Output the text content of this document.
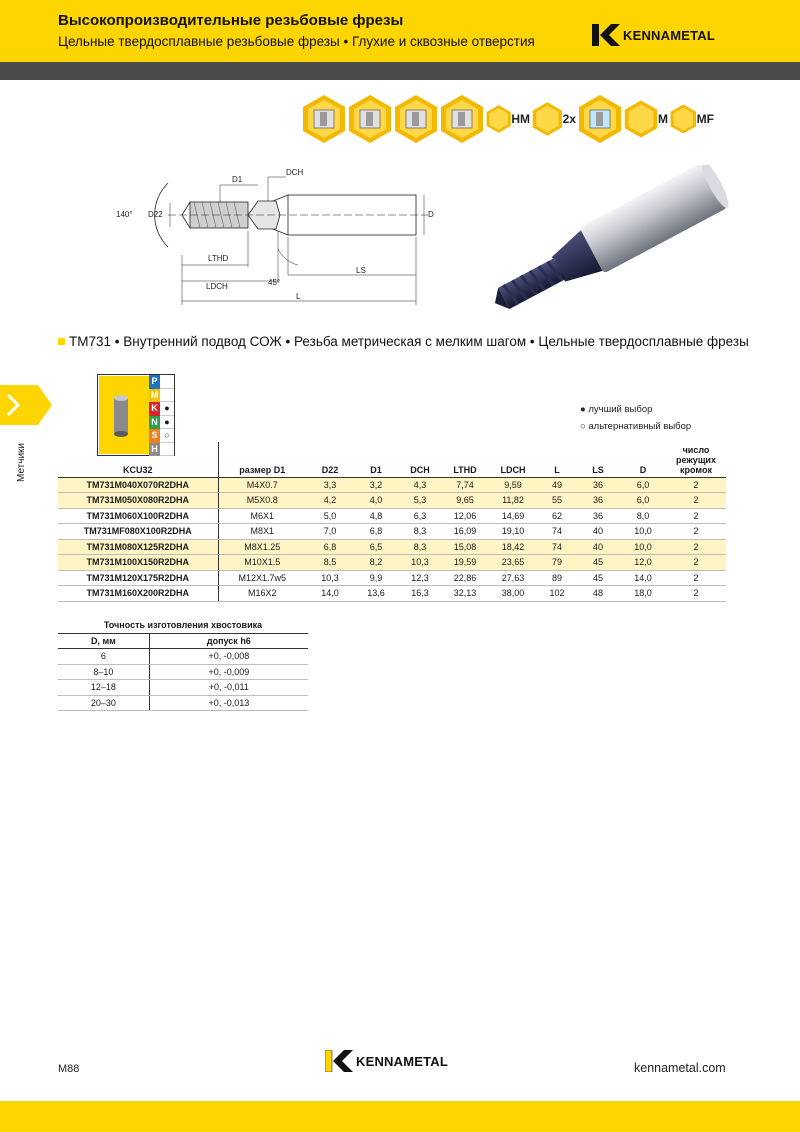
Высокопроизводительные резьбовые фрезы
Цельные твердосплавные резьбовые фрезы • Глухие и сквозные отверстия	KENNAMETAL
HM	2x	M MF
D1
DCH
140° D22	D
LTHD
LDCH	45°
LS
L
TM731 • Внутренний подвод СОЖ • Резьба метрическая с мелким шагом • Цельные твердосплавные фрезы
Метчики
P
M
K ●
N ●
S ○
H
● лучший выбор
○ альтернативный выбор
KCU32	размер D1	D22	D1	DCH	LTHD	LDCH	L	LS	D	число режущих кромок
TM731M040X070R2DHA	M4X0.7	3,3	3,2	4,3	7,74	9,59	49	36	6,0	2
TM731M050X080R2DHA	M5X0.8	4,2	4,0	5,3	9,65	11,82	55	36	6,0	2
TM731M060X100R2DHA	M6X1	5,0	4,8	6,3	12,06	14,69	62	36	8,0	2
TM731MF080X100R2DHA	M8X1	7,0	6,8	8,3	16,09	19,10	74	40	10,0	2
TM731M080X125R2DHA	M8X1.25	6,8	6,5	8,3	15,08	18,42	74	40	10,0	2
TM731M100X150R2DHA	M10X1.5	8,5	8,2	10,3	19,59	23,65	79	45	12,0	2
TM731M120X175R2DHA	M12X1.7w5	10,3	9,9	12,3	22,86	27,63	89	45	14,0	2
TM731M160X200R2DHA	M16X2	14,0	13,6	16,3	32,13	38,00	102	48	18,0	2
Точность изготовления хвостовика
D, мм	допуск h6
6	+0, -0,008
8–10	+0, -0,009
12–18	+0, -0,011
20–30	+0, -0,013
M88
KENNAMETAL	kennametal.com
